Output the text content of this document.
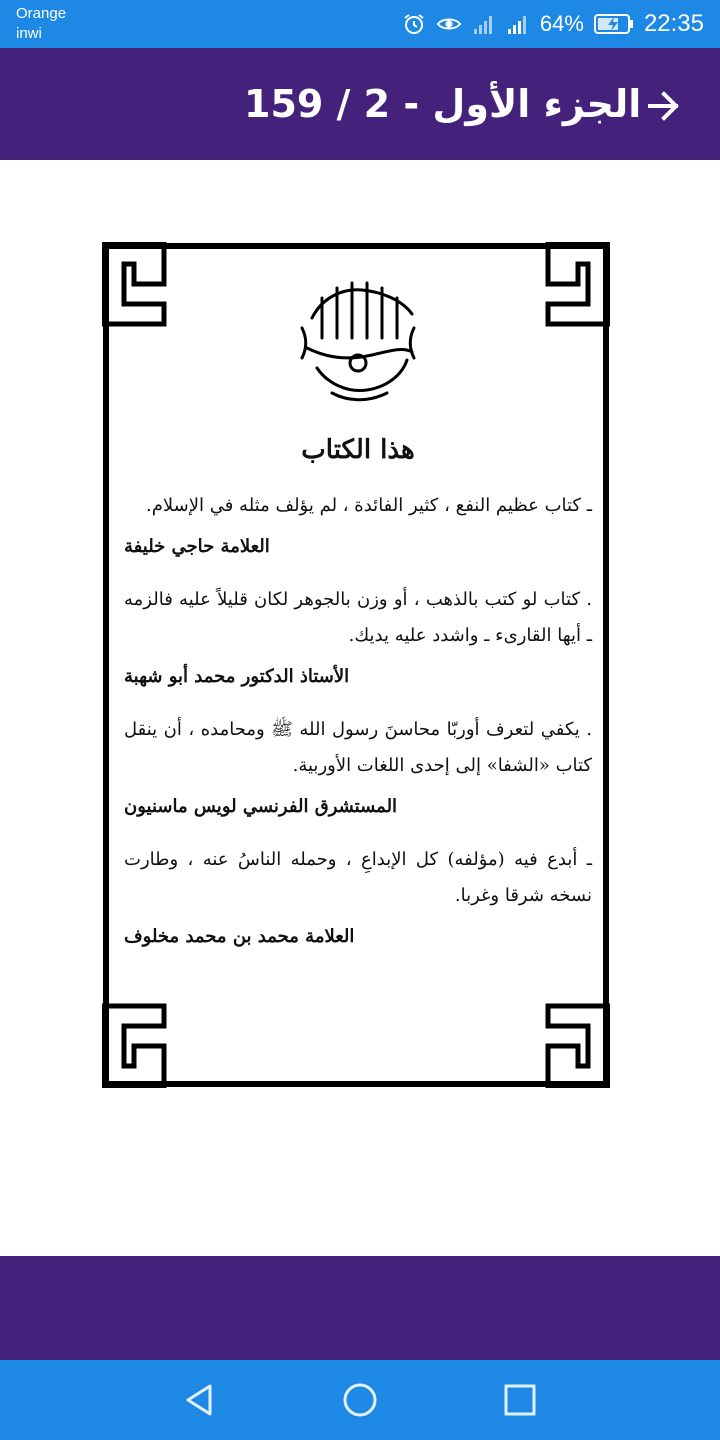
Orange
inwi	64%	22:35
الجزء الأول - 2 / 159
هذا الكتاب

ـ كتاب عظيم النفع ، كثير الفائدة ، لم يؤلف مثله في الإسلام.

العلامة حاجي خليفة

. كتاب لو كتب بالذهب ، أو وزن بالجوهر لكان قليلاً عليه فالزمه ـ أيها القارىء ـ واشدد عليه يديك.

الأستاذ الدكتور محمد أبو شهبة

. يكفي لتعرف أوربّا محاسنَ رسول الله ﷺ ومحامده ، أن ينقل كتاب «الشفا» إلى إحدى اللغات الأوربية.

المستشرق الفرنسي لويس ماسنيون

ـ أبدع فيه (مؤلفه) كل الإبداعِ ، وحمله الناسُ عنه ، وطارت نسخه شرقا وغربا.

العلامة محمد بن محمد مخلوف
